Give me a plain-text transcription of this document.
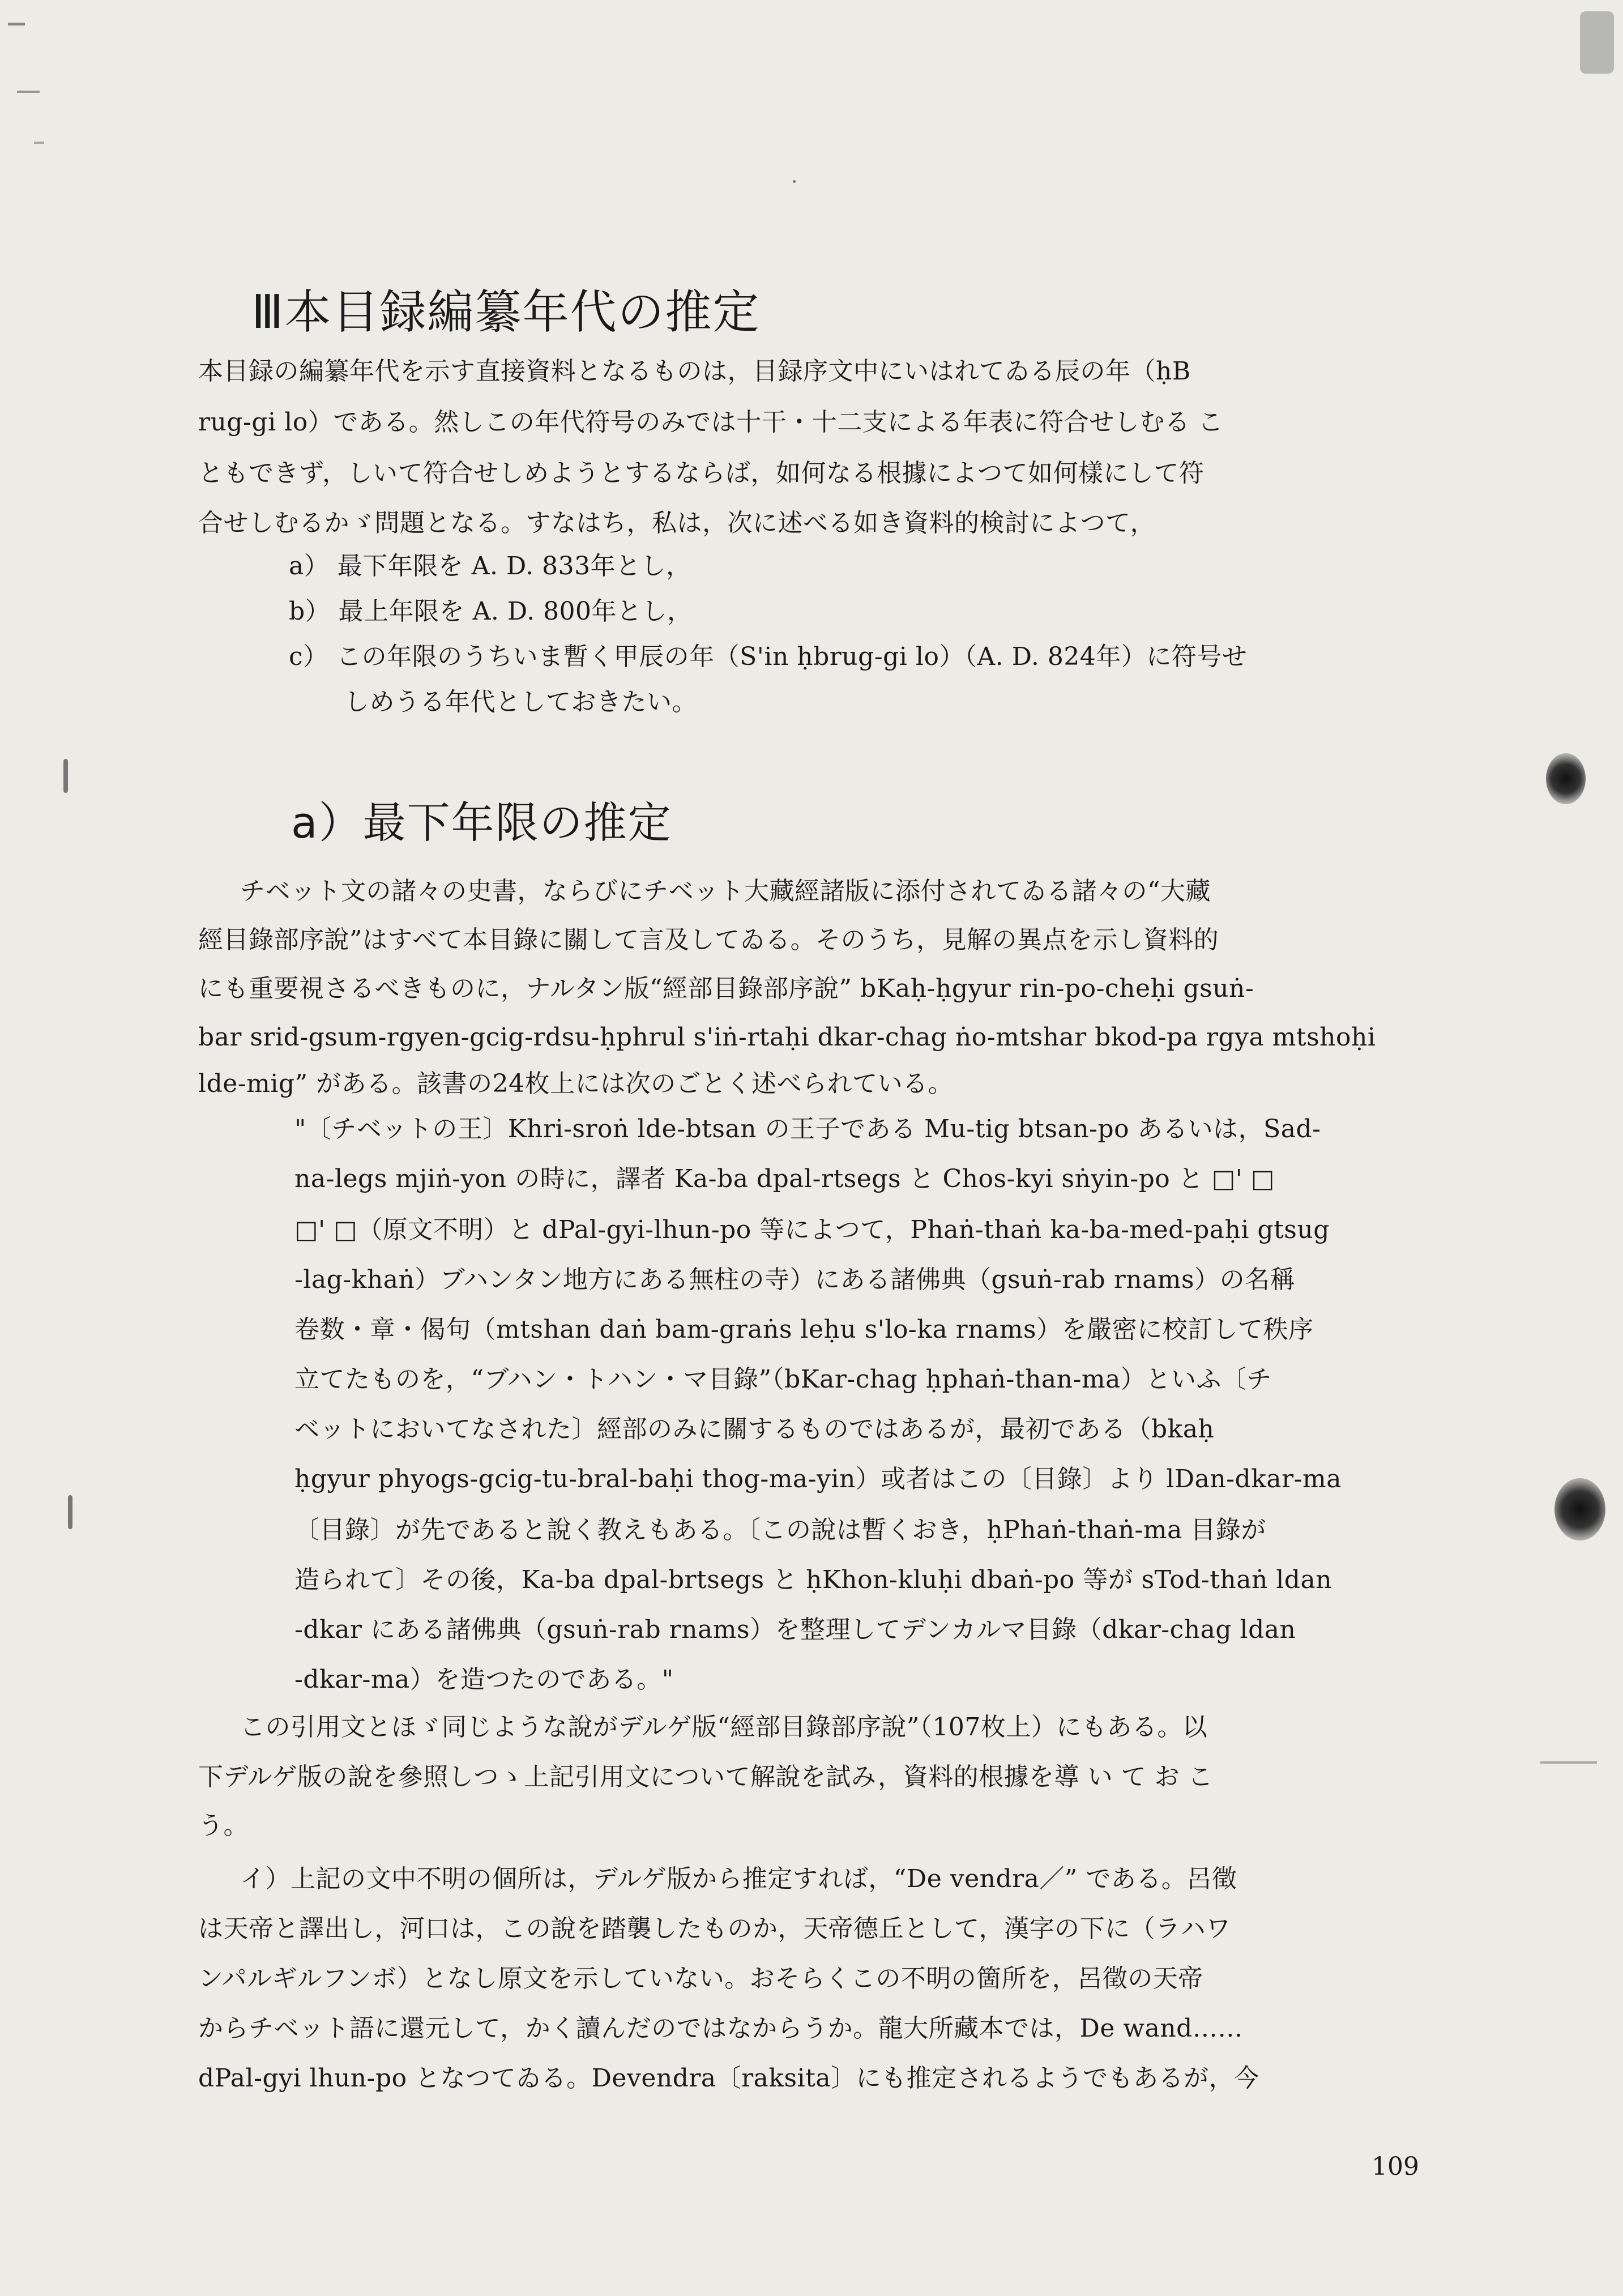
Ⅲ本目録編纂年代の推定

本目録の編纂年代を示す直接資料となるものは，目録序文中にいはれてゐる辰の年（ḥB

rug-gi lo）である。然しこの年代符号のみでは十干・十二支による年表に符合せしむる こ

ともできず，しいて符合せしめようとするならば，如何なる根據によつて如何樣にして符

合せしむるかゞ問題となる。すなはち，私は，次に述べる如き資料的検討によつて，

a） 最下年限を A. D. 833年とし，

b） 最上年限を A. D. 800年とし，

c） この年限のうちいま暫く甲辰の年（S'in ḥbrug-gi lo）（A. D. 824年）に符号せ

しめうる年代としておきたい。

a）最下年限の推定

チベット文の諸々の史書，ならびにチベット大藏經諸版に添付されてゐる諸々の“大藏

經目錄部序說”はすべて本目錄に關して言及してゐる。そのうち，見解の異点を示し資料的

にも重要視さるべきものに，ナルタン版“經部目錄部序說” bKaḥ-ḥgyur rin-po-cheḥi gsuṅ-

bar srid-gsum-rgyen-gcig-rdsu-ḥphrul s'iṅ-rtaḥi dkar-chag ṅo-mtshar bkod-pa rgya mtshoḥi

lde-mig” がある。該書の24枚上には次のごとく述べられている。

"〔チベットの王〕Khri-sroṅ lde-btsan の王子である Mu-tig btsan-po あるいは，Sad-

na-legs mjiṅ-yon の時に，譯者 Ka-ba dpal-rtsegs と Chos-kyi sṅyin-po と □' □

□' □（原文不明）と dPal-gyi-lhun-po 等によつて，Phaṅ-thaṅ ka-ba-med-paḥi gtsug

-lag-khaṅ）ブハンタン地方にある無柱の寺）にある諸佛典（gsuṅ-rab rnams）の名稱

卷数・章・偈句（mtshan daṅ bam-graṅs leḥu s'lo-ka rnams）を嚴密に校訂して秩序

立てたものを，“ブハン・トハン・マ目錄”（bKar-chag ḥphaṅ-than-ma）といふ〔チ

ベットにおいてなされた〕經部のみに關するものではあるが，最初である（bkaḥ

ḥgyur phyogs-gcig-tu-bral-baḥi thog-ma-yin）或者はこの〔目錄〕より lDan-dkar-ma

〔目錄〕が先であると說く教えもある。〔この說は暫くおき，ḥPhaṅ-thaṅ-ma 目錄が

造られて〕その後，Ka-ba dpal-brtsegs と ḥKhon-kluḥi dbaṅ-po 等が sTod-thaṅ ldan

-dkar にある諸佛典（gsuṅ-rab rnams）を整理してデンカルマ目錄（dkar-chag ldan

-dkar-ma）を造つたのである。"

この引用文とほゞ同じような說がデルゲ版“經部目錄部序說”（107枚上）にもある。以

下デルゲ版の說を參照しつゝ上記引用文について解說を試み，資料的根據を導 い て お こ

う。

イ）上記の文中不明の個所は，デルゲ版から推定すれば，“De vendra／” である。呂徵

は天帝と譯出し，河口は，この說を踏襲したものか，天帝德丘として，漢字の下に（ラハワ

ンパルギルフンボ）となし原文を示していない。おそらくこの不明の箇所を，呂徵の天帝

からチベット語に還元して，かく讀んだのではなからうか。龍大所藏本では，De wand……

dPal-gyi lhun-po となつてゐる。Devendra〔raksita〕にも推定されるようでもあるが，今

109
